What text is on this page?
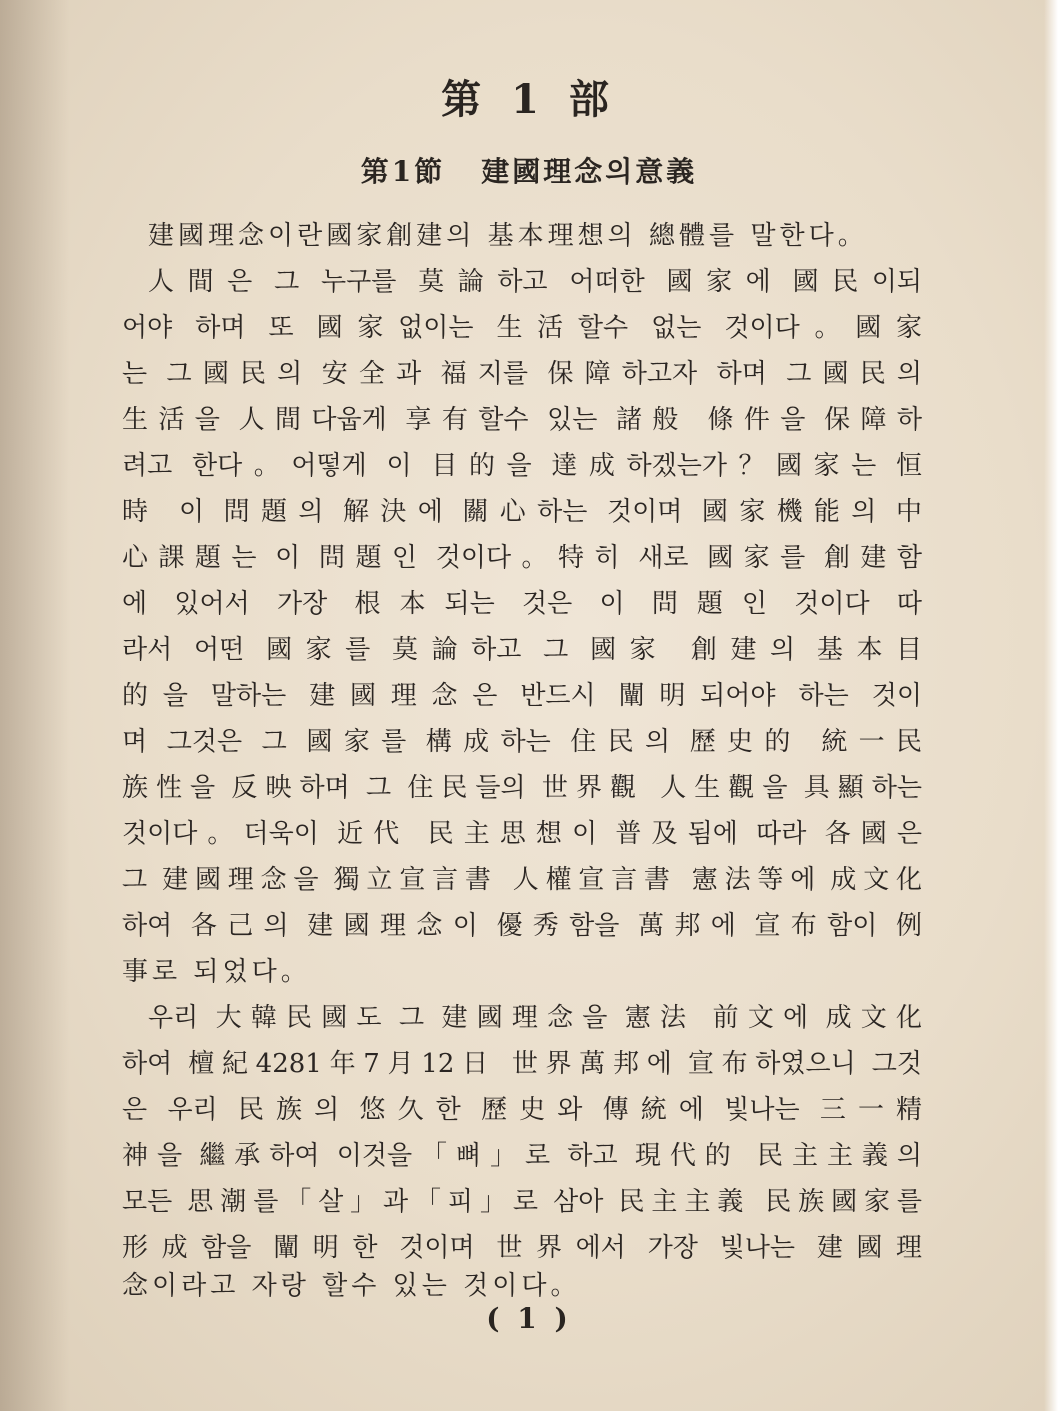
第 1 部
第1節 建國理念의意義
建國理念이란國家創建의 基本理想의 總體를 말한다。
人間은 그 누구를 莫論하고 어떠한 國家에 國民이되
어야 하며 또 國家없이는 生活할수 없는 것이다。國家
는 그國民의 安全과 福지를 保障하고자 하며 그國民의
生活을 人間다웁게 享有할수 있는 諸般 條件을 保障하
려고 한다。어떻게 이 目的을 達成하겠는가？國家는 恒
時 이 問題의 解決에 關心하는 것이며 國家機能의 中
心課題는 이 問題인 것이다。特히 새로 國家를 創建함
에 있어서 가장 根本되는 것은 이 問題인 것이다 따
라서 어떤 國家를 莫論하고 그 國家 創建의 基本目
的을 말하는 建國理念은 반드시 闡明되어야 하는 것이
며 그것은 그 國家를 構成하는 住民의 歷史的 統一民
族性을 反映하며 그 住民들의 世界觀 人生觀을 具顯하는
것이다。더욱이 近代 民主思想이 普及됨에 따라 各國은
그 建國理念을 獨立宣言書 人權宣言書 憲法等에 成文化
하여 各己의 建國理念이 優秀함을 萬邦에 宣布함이 例
事로 되었다。
우리 大韓民國도 그 建國理念을 憲法 前文에 成文化
하여 檀紀4281年7月12日 世界萬邦에 宣布하였으니 그것
은 우리 民族의 悠久한 歷史와 傳統에 빛나는 三一精
神을 繼承하여 이것을「뼈」로 하고 現代的 民主主義의
모든 思潮를「살」과「피」로 삼아 民主主義 民族國家를
形成함을 闡明한 것이며 世界에서 가장 빛나는 建國理
念이라고 자랑 할수 있는 것이다。
( 1 )
